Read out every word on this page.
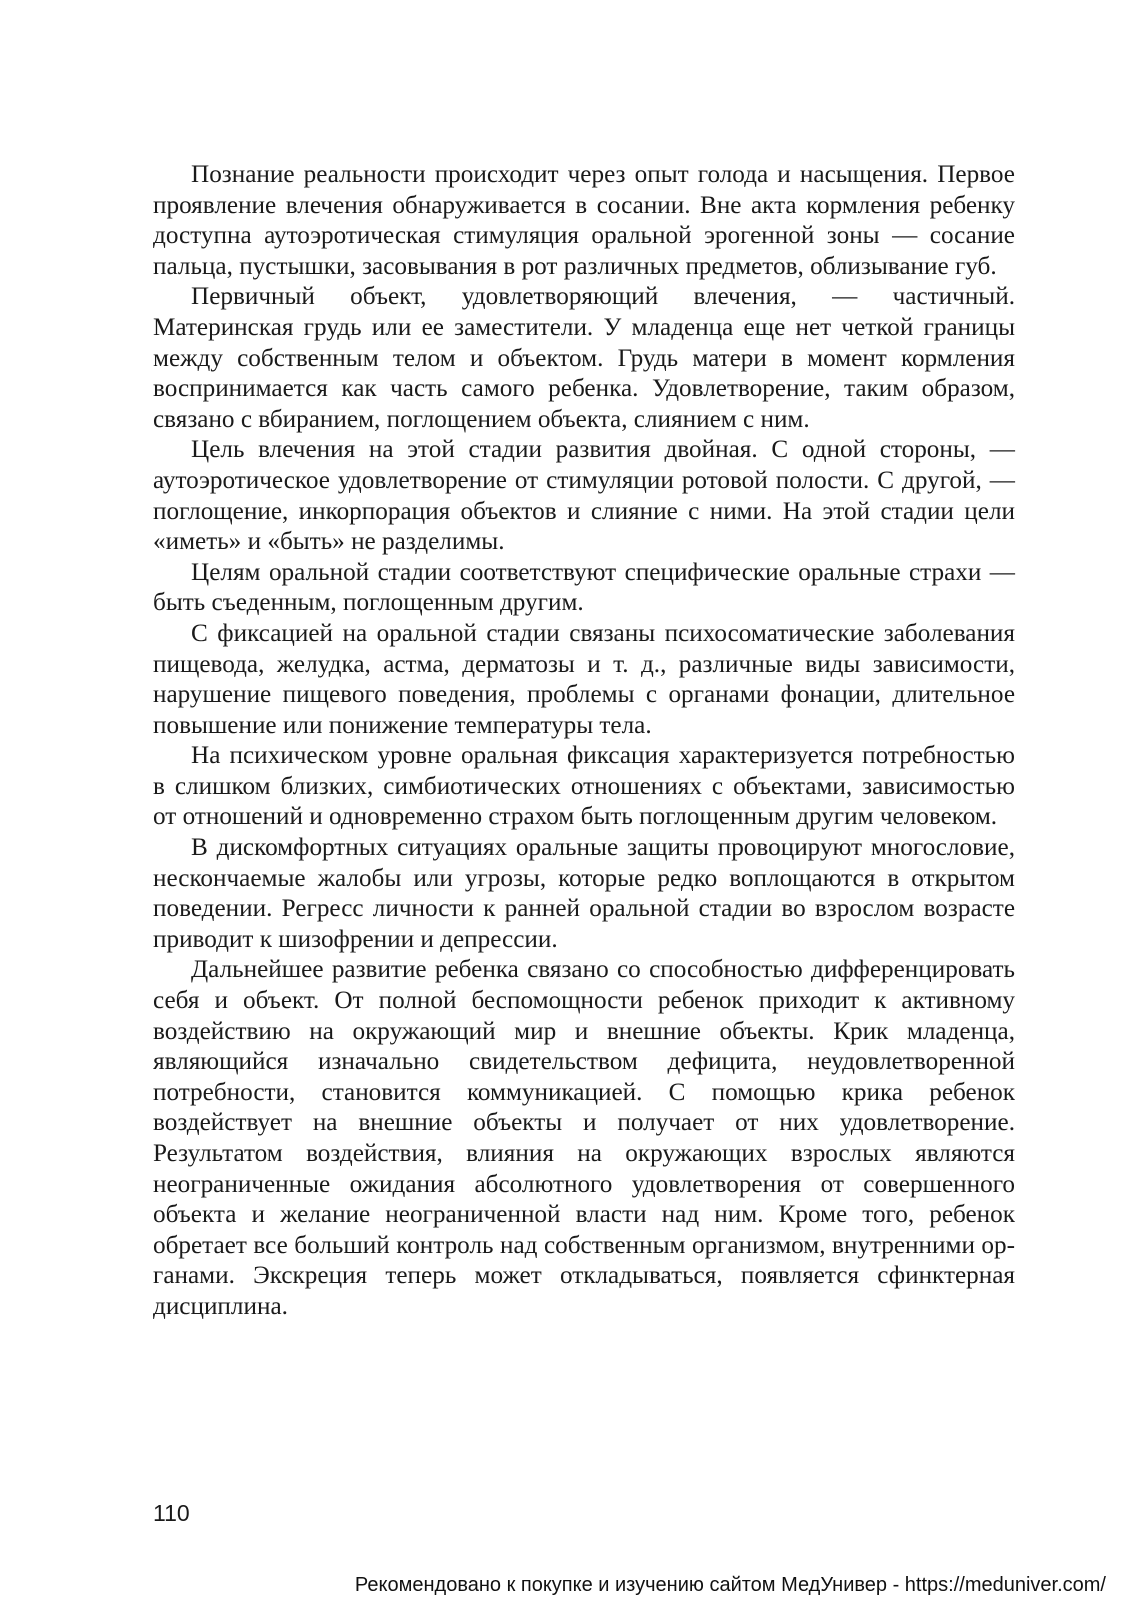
Познание реальности происходит через опыт голода и насыщения. Первое проявление влечения обнаруживается в сосании. Вне акта кормления ребенку доступна аутоэротическая стимуляция оральной эрогенной зоны — сосание пальца, пустышки, засовывания в рот различных предметов, облизывание губ.

Первичный объект, удовлетворяющий влечения, — частичный. Материнская грудь или ее заместители. У младенца еще нет четкой границы между собственным телом и объектом. Грудь матери в момент кормления воспринимается как часть самого ребенка. Удовлетворение, таким образом, связано с вбиранием, поглощением объекта, слиянием с ним.

Цель влечения на этой стадии развития двойная. С одной стороны, — аутоэротическое удовлетворение от стимуляции ротовой полости. С другой, — поглощение, инкорпорация объектов и слияние с ними. На этой стадии цели «иметь» и «быть» не разделимы.

Целям оральной стадии соответствуют специфические оральные страхи — быть съеденным, поглощенным другим.

С фиксацией на оральной стадии связаны психосоматические заболевания пищевода, желудка, астма, дерматозы и т. д., различные виды зависимости, нарушение пищевого поведения, проблемы с органами фонации, длительное повышение или понижение температуры тела.

На психическом уровне оральная фиксация характеризуется потребностью в слишком близких, симбиотических отношениях с объектами, зависимостью от отношений и одновременно страхом быть поглощенным другим человеком.

В дискомфортных ситуациях оральные защиты провоцируют многословие, нескончаемые жалобы или угрозы, которые редко воплощаются в открытом поведении. Регресс личности к ранней оральной стадии во взрослом возрасте приводит к шизофрении и депрессии.

Дальнейшее развитие ребенка связано со способностью дифференцировать себя и объект. От полной беспомощности ребенок приходит к активному воздействию на окружающий мир и внешние объекты. Крик младенца, являющийся изначально свидетельством дефицита, неудовлетворенной потребности, становится коммуникацией. С помощью крика ребенок воздействует на внешние объекты и получает от них удовлетворение. Результатом воздействия, влияния на окружающих взрослых являются неограниченные ожидания абсолютного удовлетворения от совершенного объекта и желание неограниченной власти над ним. Кроме того, ребенок обретает все больший контроль над собственным организмом, внутренними органами. Экскреция теперь может откладываться, появляется сфинктерная дисциплина.

110
Рекомендовано к покупке и изучению сайтом МедУнивер - https://meduniver.com/
